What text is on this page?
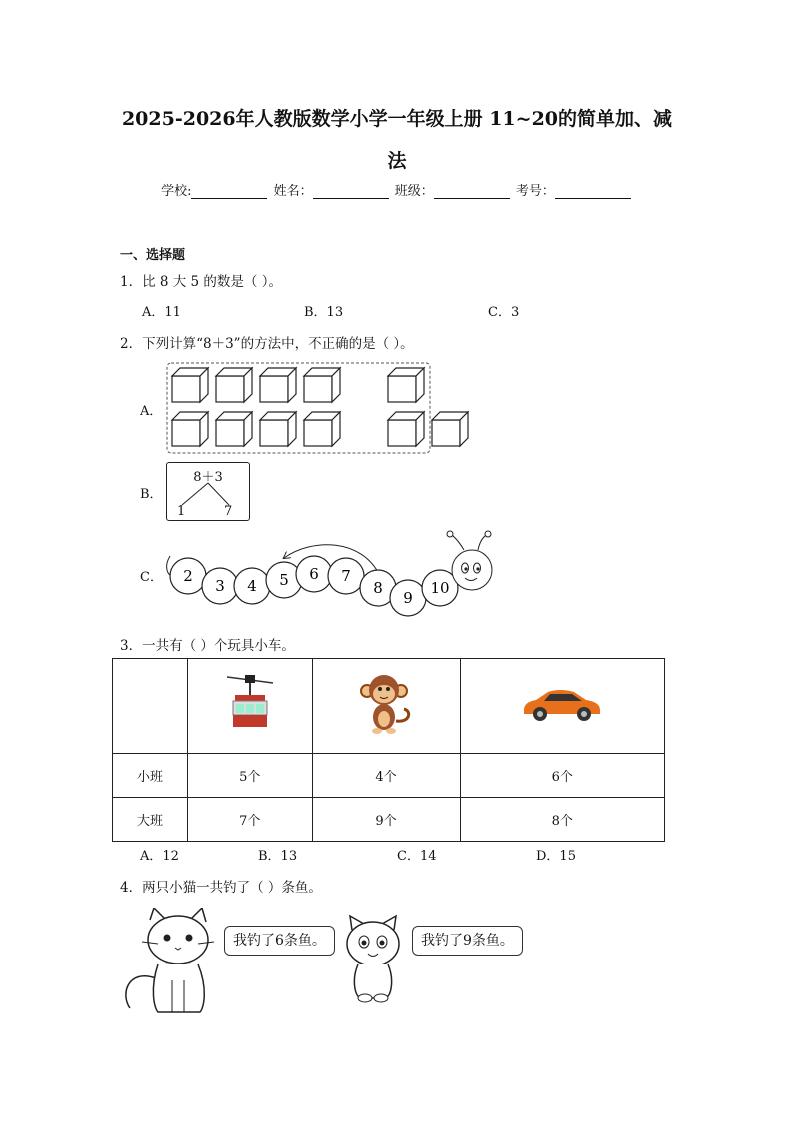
2025-2026年人教版数学小学一年级上册 11~20的简单加、减
法
学校:	姓名：	班级：	考号：
一、选择题
1．比 8 大 5 的数是（ ）。
A．11	B．13	C．3
2．下列计算“8＋3”的方法中，不正确的是（ ）。
A．
B．
C．
8＋3
1	7
2
3 4 5 6 7
8
9
10
3．一共有（ ）个玩具小车。

小班	5个	4个	6个
大班	7个	9个	8个
A．12	B．13	C．14	D．15
4．两只小猫一共钓了（ ）条鱼。
我钓了6条鱼。	我钓了9条鱼。
